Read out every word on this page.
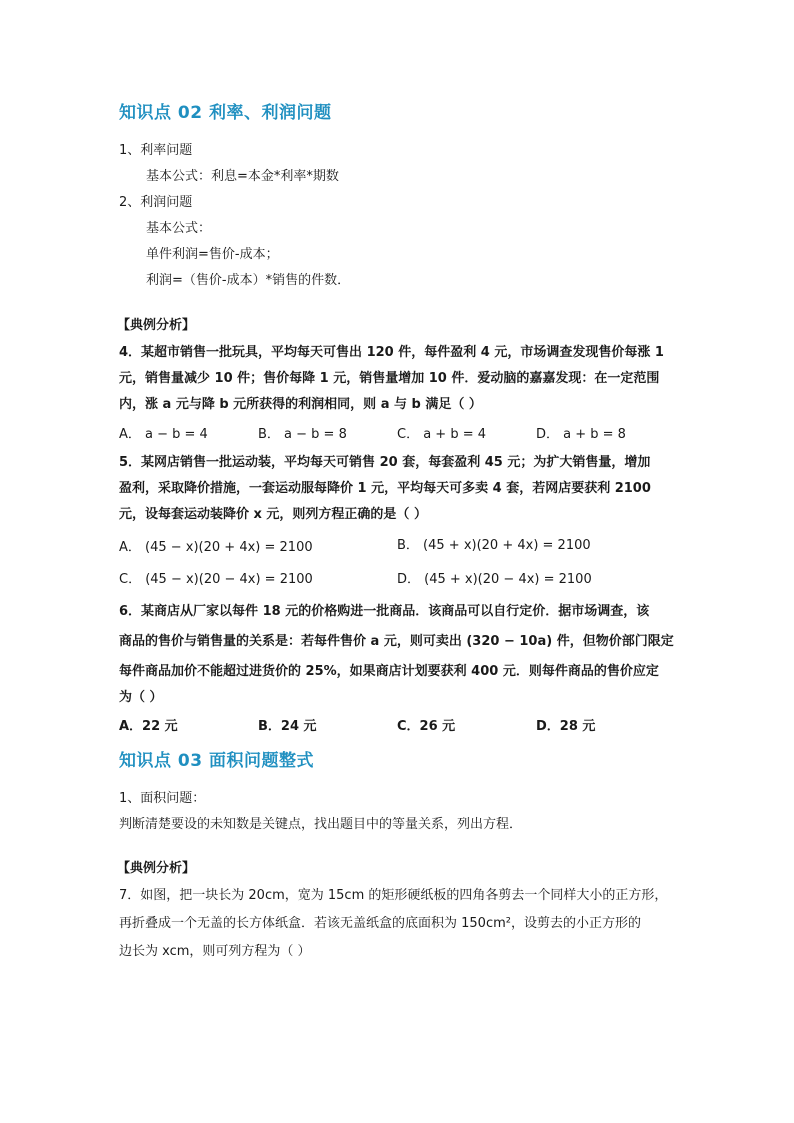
知识点 02 利率、利润问题
1、利率问题
基本公式：利息=本金*利率*期数
2、利润问题
基本公式：
单件利润=售价-成本；
利润=（售价-成本）*销售的件数．
【典例分析】
4．某超市销售一批玩具，平均每天可售出 120 件，每件盈利 4 元，市场调查发现售价每涨 1
元，销售量减少 10 件；售价每降 1 元，销售量增加 10 件．爱动脑的嘉嘉发现：在一定范围
内，涨 a 元与降 b 元所获得的利润相同，则 a 与 b 满足（ ）
A． a − b = 4	B． a − b = 8	C． a + b = 4	D． a + b = 8
5．某网店销售一批运动装，平均每天可销售 20 套，每套盈利 45 元；为扩大销售量，增加
盈利，采取降价措施，一套运动服每降价 1 元，平均每天可多卖 4 套，若网店要获利 2100
元，设每套运动装降价 x 元，则列方程正确的是（ ）
A． (45 − x)(20 + 4x) = 2100	B． (45 + x)(20 + 4x) = 2100
C． (45 − x)(20 − 4x) = 2100	D． (45 + x)(20 − 4x) = 2100
6．某商店从厂家以每件 18 元的价格购进一批商品．该商品可以自行定价．据市场调查，该
商品的售价与销售量的关系是：若每件售价 a 元，则可卖出 (320 − 10a) 件，但物价部门限定
每件商品加价不能超过进货价的 25%，如果商店计划要获利 400 元．则每件商品的售价应定
为（ ）
A．22 元	B．24 元	C．26 元	D．28 元
知识点 03 面积问题整式
1、面积问题：
判断清楚要设的未知数是关键点，找出题目中的等量关系，列出方程．
【典例分析】
7．如图，把一块长为 20cm，宽为 15cm 的矩形硬纸板的四角各剪去一个同样大小的正方形，
再折叠成一个无盖的长方体纸盒．若该无盖纸盒的底面积为 150cm²，设剪去的小正方形的
边长为 xcm，则可列方程为（ ）
